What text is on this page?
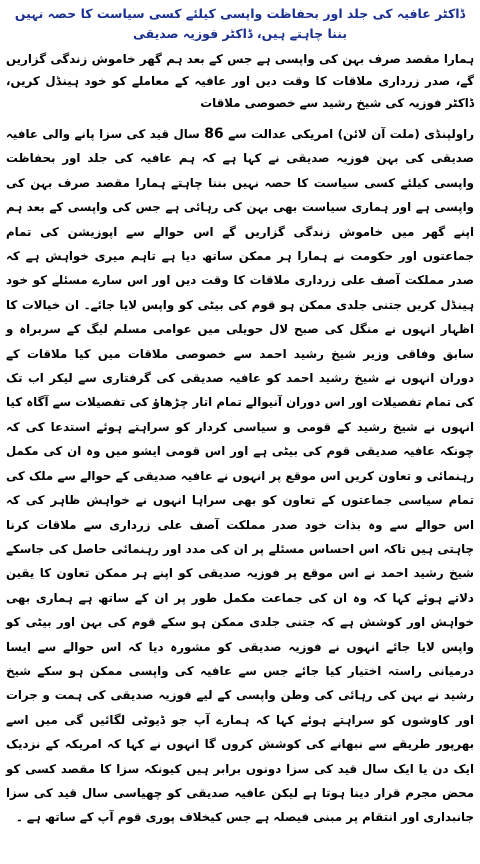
ڈاکٹر عافیہ کی جلد اور بحفاظت واپسی کیلئے کسی سیاست کا حصہ نہیں بننا چاہتے ہیں، ڈاکٹر فوزیہ صدیقی
ہمارا مقصد صرف بہن کی واپسی ہے جس کے بعد ہم گھر خاموش زندگی گزاریں گے، صدر زرداری ملاقات کا وقت دیں اور عافیہ کے معاملے کو خود ہینڈل کریں، ڈاکٹر فوزیہ کی شیخ رشید سے خصوصی ملاقات

راولپنڈی (ملت آن لائن) امریکی عدالت سے 86 سال قید کی سزا پانے والی عافیہ صدیقی کی بہن فوزیہ صدیقی نے کہا ہے کہ ہم عافیہ کی جلد اور بحفاظت واپسی کیلئے کسی سیاست کا حصہ نہیں بننا چاہتے ہمارا مقصد صرف بہن کی واپسی ہے اور ہماری سیاست بھی بہن کی رہائی ہے جس کی واپسی کے بعد ہم اپنے گھر میں خاموش زندگی گزاریں گے اس حوالے سے اپوزیشن کی تمام جماعتوں اور حکومت نے ہمارا ہر ممکن ساتھ دیا ہے تاہم میری خواہش ہے کہ صدر مملکت آصف علی زرداری ملاقات کا وقت دیں اور اس سارے مسئلے کو خود ہینڈل کریں جتنی جلدی ممکن ہو قوم کی بیٹی کو واپس لایا جائے۔ ان خیالات کا اظہار انہوں نے منگل کی صبح لال حویلی میں عوامی مسلم لیگ کے سربراہ و سابق وفاقی وزیر شیخ رشید احمد سے خصوصی ملاقات میں کیا ملاقات کے دوران انہوں نے شیخ رشید احمد کو عافیہ صدیقی کی گرفتاری سے لیکر اب تک کی تمام تفصیلات اور اس دوران آنیوالے تمام اتار چڑھاؤ کی تفصیلات سے آگاہ کیا انہوں نے شیخ رشید کے قومی و سیاسی کردار کو سراہتے ہوئے استدعا کی کہ چونکہ عافیہ صدیقی قوم کی بیٹی ہے اور اس قومی ایشو میں وہ ان کی مکمل رہنمائی و تعاون کریں اس موقع پر انہوں نے عافیہ صدیقی کے حوالے سے ملک کی تمام سیاسی جماعتوں کے تعاون کو بھی سراہا انہوں نے خواہش ظاہر کی کہ اس حوالے سے وہ بذات خود صدر مملکت آصف علی زرداری سے ملاقات کرنا چاہتی ہیں تاکہ اس احساس مسئلے پر ان کی مدد اور رہنمائی حاصل کی جاسکے شیخ رشید احمد نے اس موقع پر فوزیہ صدیقی کو اپنے ہر ممکن تعاون کا یقین دلاتے ہوئے کہا کہ وہ ان کی جماعت مکمل طور پر ان کے ساتھ ہے ہماری بھی خواہش اور کوشش ہے کہ جتنی جلدی ممکن ہو سکے قوم کی بہن اور بیٹی کو واپس لایا جائے انہوں نے فوزیہ صدیقی کو مشورہ دیا کہ اس حوالے سے ایسا درمیانی راستہ اختیار کیا جائے جس سے عافیہ کی واپسی ممکن ہو سکے شیخ رشید نے بہن کی رہائی کی وطن واپسی کے لیے فوزیہ صدیقی کی ہمت و جرات اور کاوشوں کو سراہتے ہوئے کہا کہ ہمارے آپ جو ڈیوٹی لگائیں گی میں اسے بھرپور طریقے سے نبھانے کی کوشش کروں گا انہوں نے کہا کہ امریکہ کے نزدیک ایک دن یا ایک سال قید کی سزا دونوں برابر ہیں کیونکہ سزا کا مقصد کسی کو محض مجرم قرار دینا ہوتا ہے لیکن عافیہ صدیقی کو چھیاسی سال قید کی سزا جانبداری اور انتقام پر مبنی فیصلہ ہے جس کیخلاف پوری قوم آپ کے ساتھ ہے ۔
